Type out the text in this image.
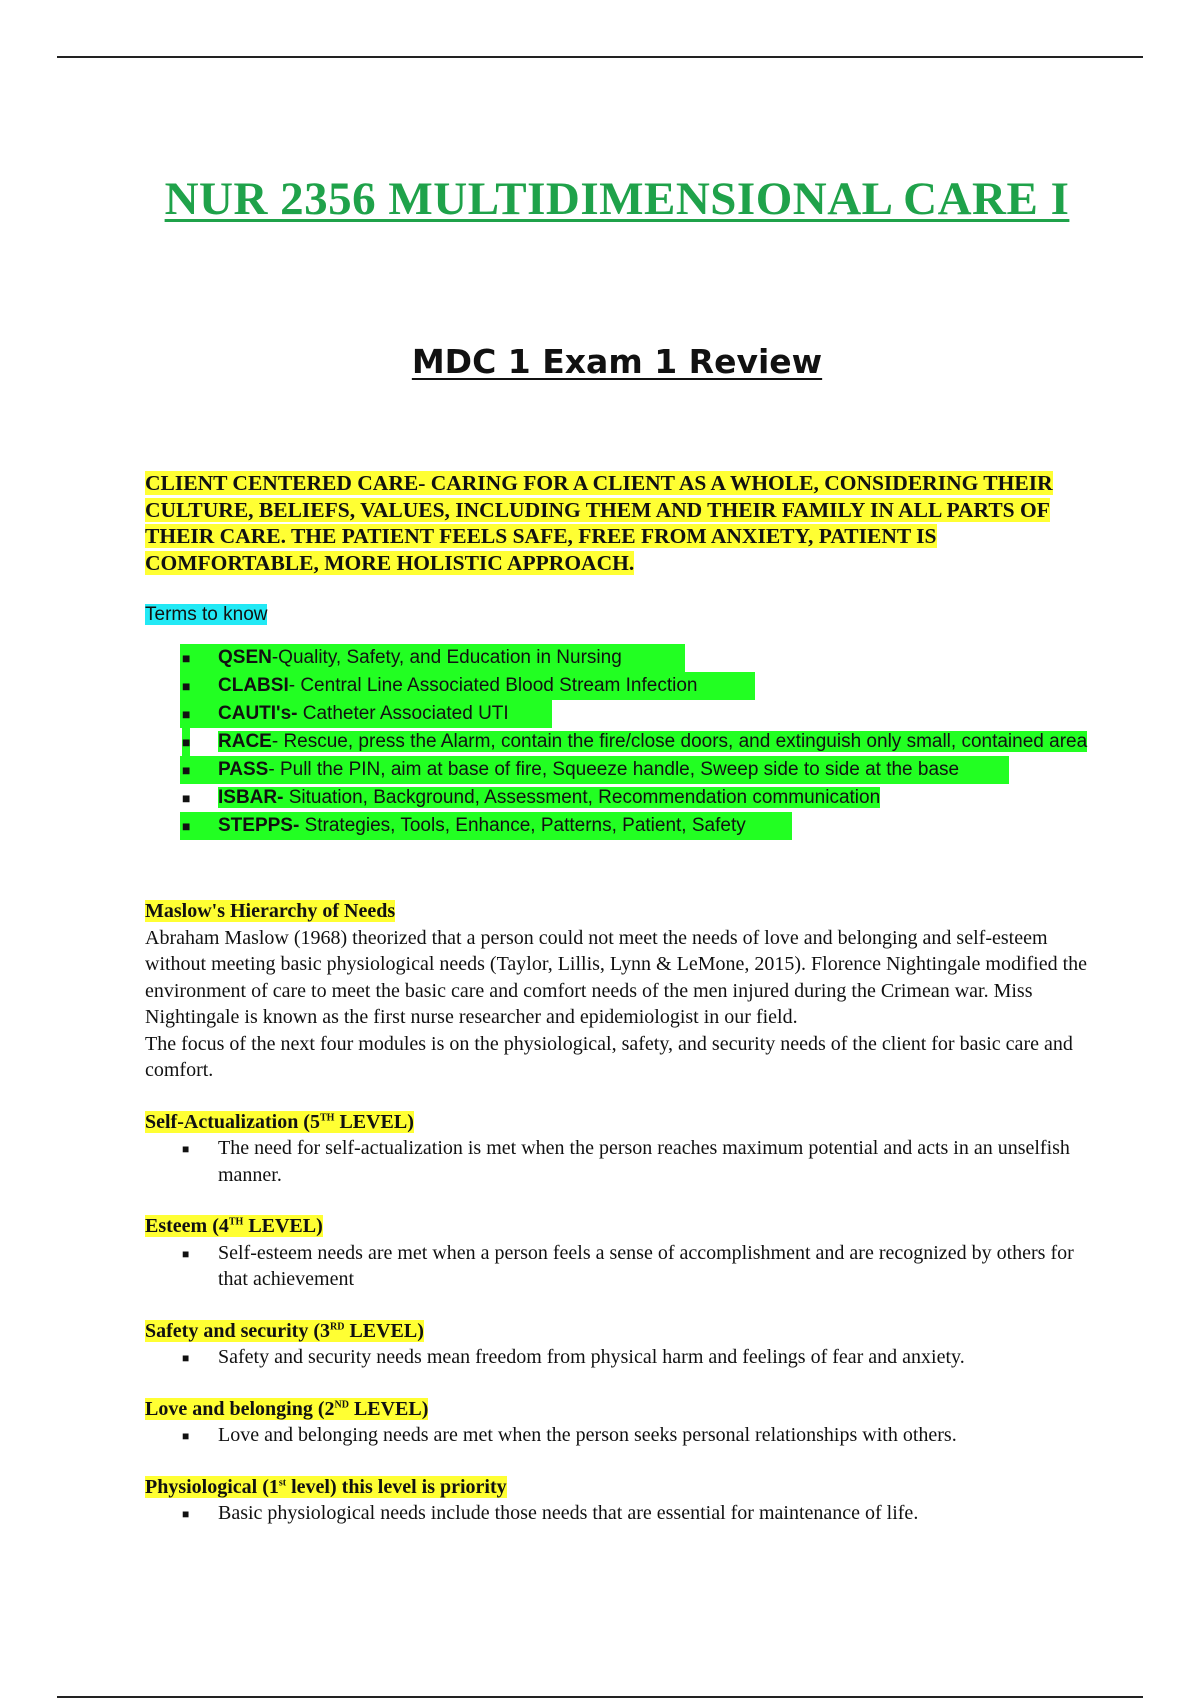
NUR 2356 MULTIDIMENSIONAL CARE I
MDC 1 Exam 1 Review

CLIENT CENTERED CARE- CARING FOR A CLIENT AS A WHOLE, CONSIDERING THEIR CULTURE, BELIEFS, VALUES, INCLUDING THEM AND THEIR FAMILY IN ALL PARTS OF THEIR CARE. THE PATIENT FEELS SAFE, FREE FROM ANXIETY, PATIENT IS COMFORTABLE, MORE HOLISTIC APPROACH.

Terms to know
■ QSEN-Quality, Safety, and Education in Nursing
■ CLABSI- Central Line Associated Blood Stream Infection
■ CAUTI's- Catheter Associated UTI
■ RACE- Rescue, press the Alarm, contain the fire/close doors, and extinguish only small, contained area
■ PASS- Pull the PIN, aim at base of fire, Squeeze handle, Sweep side to side at the base
■ ISBAR- Situation, Background, Assessment, Recommendation communication
■ STEPPS- Strategies, Tools, Enhance, Patterns, Patient, Safety
Maslow's Hierarchy of Needs

Abraham Maslow (1968) theorized that a person could not meet the needs of love and belonging and self-esteem without meeting basic physiological needs (Taylor, Lillis, Lynn & LeMone, 2015). Florence Nightingale modified the environment of care to meet the basic care and comfort needs of the men injured during the Crimean war. Miss Nightingale is known as the first nurse researcher and epidemiologist in our field.

The focus of the next four modules is on the physiological, safety, and security needs of the client for basic care and comfort.

Self-Actualization (5TH LEVEL)
■ The need for self-actualization is met when the person reaches maximum potential and acts in an unselfish manner.
Esteem (4TH LEVEL)
■ Self-esteem needs are met when a person feels a sense of accomplishment and are recognized by others for that achievement
Safety and security (3RD LEVEL)
■ Safety and security needs mean freedom from physical harm and feelings of fear and anxiety.
Love and belonging (2ND LEVEL)
■ Love and belonging needs are met when the person seeks personal relationships with others.
Physiological (1st level) this level is priority
■ Basic physiological needs include those needs that are essential for maintenance of life.
